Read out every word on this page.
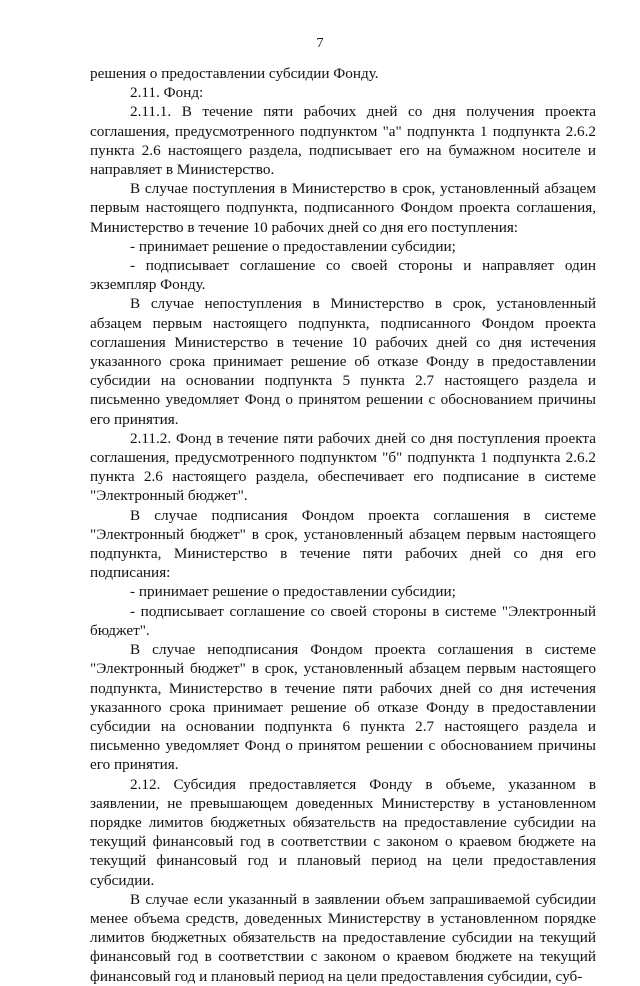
7

решения о предоставлении субсидии Фонду.

2.11. Фонд:

2.11.1. В течение пяти рабочих дней со дня получения проекта соглашения, предусмотренного подпунктом "а" подпункта 1 подпункта 2.6.2 пункта 2.6 настоящего раздела, подписывает его на бумажном носителе и направляет в Министерство.

В случае поступления в Министерство в срок, установленный абзацем первым настоящего подпункта, подписанного Фондом проекта соглашения, Министерство в течение 10 рабочих дней со дня его поступления:

- принимает решение о предоставлении субсидии;

- подписывает соглашение со своей стороны и направляет один экземпляр Фонду.

В случае непоступления в Министерство в срок, установленный абзацем первым настоящего подпункта, подписанного Фондом проекта соглашения Министерство в течение 10 рабочих дней со дня истечения указанного срока принимает решение об отказе Фонду в предоставлении субсидии на основании подпункта 5 пункта 2.7 настоящего раздела и письменно уведомляет Фонд о принятом решении с обоснованием причины его принятия.

2.11.2. Фонд в течение пяти рабочих дней со дня поступления проекта соглашения, предусмотренного подпунктом "б" подпункта 1 подпункта 2.6.2 пункта 2.6 настоящего раздела, обеспечивает его подписание в системе "Электронный бюджет".

В случае подписания Фондом проекта соглашения в системе "Электронный бюджет" в срок, установленный абзацем первым настоящего подпункта, Министерство в течение пяти рабочих дней со дня его подписания:

- принимает решение о предоставлении субсидии;

- подписывает соглашение со своей стороны в системе "Электронный бюджет".

В случае неподписания Фондом проекта соглашения в системе "Электронный бюджет" в срок, установленный абзацем первым настоящего подпункта, Министерство в течение пяти рабочих дней со дня истечения указанного срока принимает решение об отказе Фонду в предоставлении субсидии на основании подпункта 6 пункта 2.7 настоящего раздела и письменно уведомляет Фонд о принятом решении с обоснованием причины его принятия.

2.12. Субсидия предоставляется Фонду в объеме, указанном в заявлении, не превышающем доведенных Министерству в установленном порядке лимитов бюджетных обязательств на предоставление субсидии на текущий финансовый год в соответствии с законом о краевом бюджете на текущий финансовый год и плановый период на цели предоставления субсидии.

В случае если указанный в заявлении объем запрашиваемой субсидии менее объема средств, доведенных Министерству в установленном порядке лимитов бюджетных обязательств на предоставление субсидии на текущий финансовый год в соответствии с законом о краевом бюджете на текущий финансовый год и плановый период на цели предоставления субсидии, суб-
